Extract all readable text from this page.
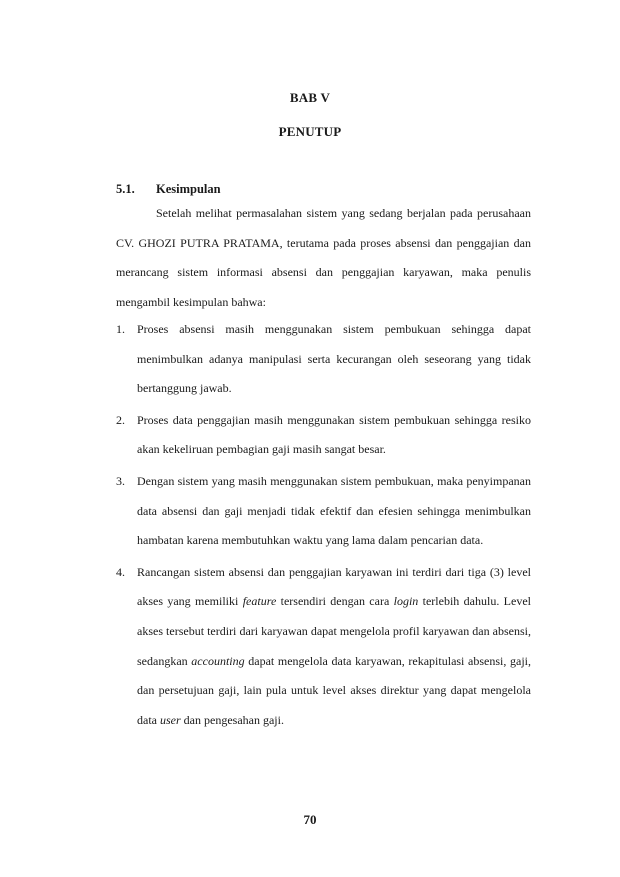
BAB V
PENUTUP
5.1. Kesimpulan

Setelah melihat permasalahan sistem yang sedang berjalan pada perusahaan CV. GHOZI PUTRA PRATAMA, terutama pada proses absensi dan penggajian dan merancang sistem informasi absensi dan penggajian karyawan, maka penulis mengambil kesimpulan bahwa:

1. Proses absensi masih menggunakan sistem pembukuan sehingga dapat menimbulkan adanya manipulasi serta kecurangan oleh seseorang yang tidak bertanggung jawab.
2. Proses data penggajian masih menggunakan sistem pembukuan sehingga resiko akan kekeliruan pembagian gaji masih sangat besar.
3. Dengan sistem yang masih menggunakan sistem pembukuan, maka penyimpanan data absensi dan gaji menjadi tidak efektif dan efesien sehingga menimbulkan hambatan karena membutuhkan waktu yang lama dalam pencarian data.
4. Rancangan sistem absensi dan penggajian karyawan ini terdiri dari tiga (3) level akses yang memiliki feature tersendiri dengan cara login terlebih dahulu. Level akses tersebut terdiri dari karyawan dapat mengelola profil karyawan dan absensi, sedangkan accounting dapat mengelola data karyawan, rekapitulasi absensi, gaji, dan persetujuan gaji, lain pula untuk level akses direktur yang dapat mengelola data user dan pengesahan gaji.
70
